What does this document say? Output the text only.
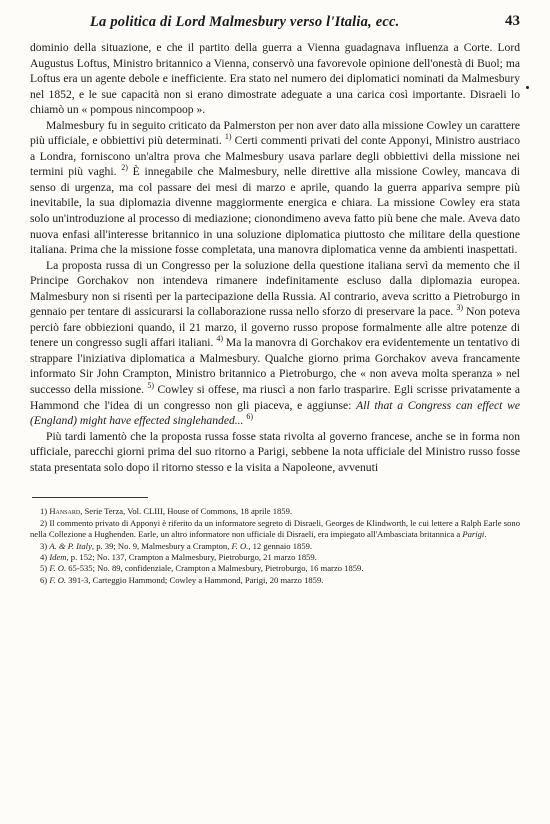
La politica di Lord Malmesbury verso l'Italia, ecc.	43

dominio della situazione, e che il partito della guerra a Vienna guadagnava influenza a Corte. Lord Augustus Loftus, Ministro britannico a Vienna, conservò una favorevole opinione dell'onestà di Buol; ma Loftus era un agente debole e inefficiente. Era stato nel numero dei diplomatici nominati da Malmesbury nel 1852, e le sue capacità non si erano dimostrate adeguate a una carica così importante. Disraeli lo chiamò un « pompous nincompoop ».

Malmesbury fu in seguito criticato da Palmerston per non aver dato alla missione Cowley un carattere più ufficiale, e obbiettivi più determinati. $^{1)}$ Certi commenti privati del conte Apponyi, Ministro austriaco a Londra, forniscono un'altra prova che Malmesbury usava parlare degli obbiettivi della missione nei termini più vaghi. $^{2)}$ È innegabile che Malmesbury, nelle direttive alla missione Cowley, mancava di senso di urgenza, ma col passare dei mesi di marzo e aprile, quando la guerra appariva sempre più inevitabile, la sua diplomazia divenne maggiormente energica e chiara. La missione Cowley era stata solo un'introduzione al processo di mediazione; cionondimeno aveva fatto più bene che male. Aveva dato nuova enfasi all'interesse britannico in una soluzione diplomatica piuttosto che militare della questione italiana. Prima che la missione fosse completata, una manovra diplomatica venne da ambienti inaspettati.

La proposta russa di un Congresso per la soluzione della questione italiana servì da memento che il Principe Gorchakov non intendeva rimanere indefinitamente escluso dalla diplomazia europea. Malmesbury non si risentì per la partecipazione della Russia. Al contrario, aveva scritto a Pietroburgo in gennaio per tentare di assicurarsi la collaborazione russa nello sforzo di preservare la pace. $^{3)}$ Non poteva perciò fare obbiezioni quando, il 21 marzo, il governo russo propose formalmente alle altre potenze di tenere un congresso sugli affari italiani. $^{4)}$ Ma la manovra di Gorchakov era evidentemente un tentativo di strappare l'iniziativa diplomatica a Malmesbury. Qualche giorno prima Gorchakov aveva francamente informato Sir John Crampton, Ministro britannico a Pietroburgo, che « non aveva molta speranza » nel successo della missione. $^{5)}$ Cowley si offese, ma riuscì a non farlo trasparire. Egli scrisse privatamente a Hammond che l'idea di un congresso non gli piaceva, e aggiunse: All that a Congress can effect we (England) might have effected singlehanded... $^{6)}$

Più tardi lamentò che la proposta russa fosse stata rivolta al governo francese, anche se in forma non ufficiale, parecchi giorni prima del suo ritorno a Parigi, sebbene la nota ufficiale del Ministro russo fosse stata presentata solo dopo il ritorno stesso e la visita a Napoleone, avvenuti

1) Hansard, Serie Terza, Vol. CLIII, House of Commons, 18 aprile 1859.

2) Il commento privato di Apponyi è riferito da un informatore segreto di Disraeli, Georges de Klindworth, le cui lettere a Ralph Earle sono nella Collezione a Hughenden. Earle, un altro informatore non ufficiale di Disraeli, era impiegato all'Ambasciata britannica a Parigi.

3) A. & P. Italy, p. 39; No. 9, Malmesbury a Crampton, F. O., 12 gennaio 1859.

4) Idem, p. 152; No. 137, Crampton a Malmesbury, Pietroburgo, 21 marzo 1859.

5) F. O. 65-535; No. 89, confidenziale, Crampton a Malmesbury, Pietroburgo, 16 marzo 1859.

6) F. O. 391-3, Carteggio Hammond; Cowley a Hammond, Parigi, 20 marzo 1859.
